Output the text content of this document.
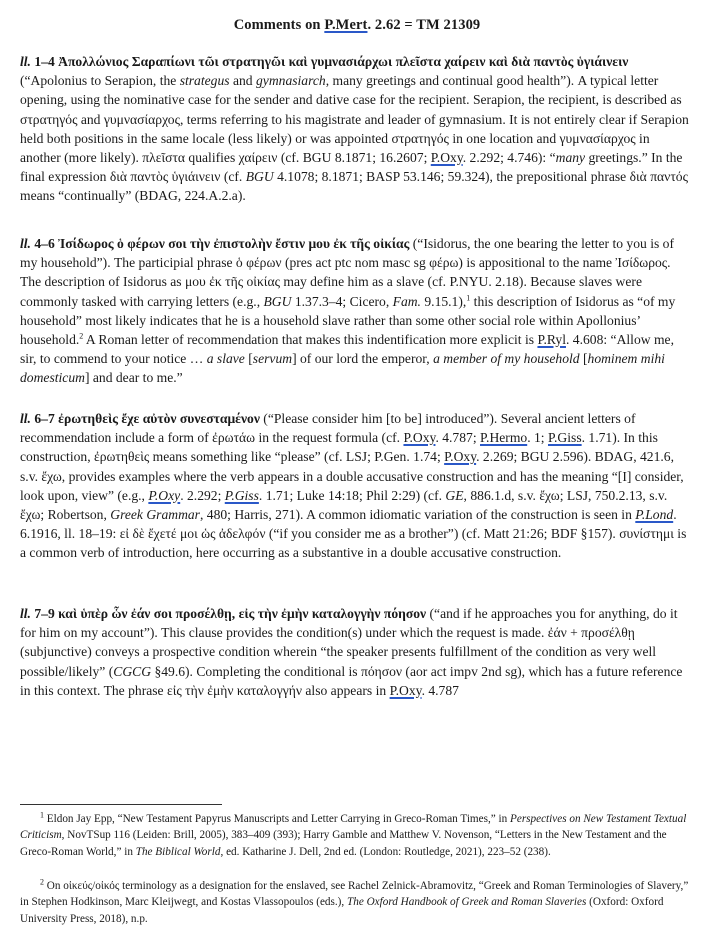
Comments on P.Mert. 2.62 = TM 21309

ll. 1–4 Ἀπολλώνιος Σαραπίωνι τῶι στρατηγῶι καὶ γυμνασιάρχωι πλεῖστα χαίρειν καὶ διὰ παντὸς ὑγιάινειν (“Apolonius to Serapion, the strategus and gymnasiarch, many greetings and continual good health”). A typical letter opening, using the nominative case for the sender and dative case for the recipient. Serapion, the recipient, is described as στρατηγός and γυμνασίαρχος, terms referring to his magistrate and leader of gymnasium. It is not entirely clear if Serapion held both positions in the same locale (less likely) or was appointed στρατηγός in one location and γυμνασίαρχος in another (more likely). πλεῖστα qualifies χαίρειν (cf. BGU 8.1871; 16.2607; P.Oxy. 2.292; 4.746): “many greetings.” In the final expression διὰ παντὸς ὑγιάινειν (cf. BGU 4.1078; 8.1871; BASP 53.146; 59.324), the prepositional phrase διὰ παντός means “continually” (BDAG, 224.A.2.a).

ll. 4–6 Ἰσίδωρος ὁ φέρων σοι τὴν ἐπιστολὴν ἔστιν μου ἐκ τῆς οἰκίας (“Isidorus, the one bearing the letter to you is of my household”). The participial phrase ὁ φέρων (pres act ptc nom masc sg φέρω) is appositional to the name Ἰσίδωρος. The description of Isidorus as μου ἐκ τῆς οἰκίας may define him as a slave (cf. P.NYU. 2.18). Because slaves were commonly tasked with carrying letters (e.g., BGU 1.37.3–4; Cicero, Fam. 9.15.1),$^1$ this description of Isidorus as “of my household” most likely indicates that he is a household slave rather than some other social role within Apollonius’ household.$^2$ A Roman letter of recommendation that makes this indentification more explicit is P.Ryl. 4.608: “Allow me, sir, to commend to your notice … a slave [servum] of our lord the emperor, a member of my household [hominem mihi domesticum] and dear to me.”

ll. 6–7 ἐρωτηθεὶς ἔχε αὐτὸν συνεσταμένον (“Please consider him [to be] introduced”). Several ancient letters of recommendation include a form of ἐρωτάω in the request formula (cf. P.Oxy. 4.787; P.Hermo. 1; P.Giss. 1.71). In this construction, ἐρωτηθεὶς means something like “please” (cf. LSJ; P.Gen. 1.74; P.Oxy. 2.269; BGU 2.596). BDAG, 421.6, s.v. ἔχω, provides examples where the verb appears in a double accusative construction and has the meaning “[I] consider, look upon, view” (e.g., P.Oxy. 2.292; P.Giss. 1.71; Luke 14:18; Phil 2:29) (cf. GE, 886.1.d, s.v. ἔχω; LSJ, 750.2.13, s.v. ἔχω; Robertson, Greek Grammar, 480; Harris, 271). A common idiomatic variation of the construction is seen in P.Lond. 6.1916, ll. 18–19: εἰ δὲ ἔχετέ μοι ὡς ἀδελφόν (“if you consider me as a brother”) (cf. Matt 21:26; BDF §157). συνίστημι is a common verb of introduction, here occurring as a substantive in a double accusative construction.

ll. 7–9 καὶ ὑπὲρ ὧν ἐάν σοι προσέλθῃ, εἰς τὴν ἐμὴν καταλογγὴν πόησον (“and if he approaches you for anything, do it for him on my account”). This clause provides the condition(s) under which the request is made. ἐάν + προσέλθῃ (subjunctive) conveys a prospective condition wherein “the speaker presents fulfillment of the condition as very well possible/likely” (CGCG §49.6). Completing the conditional is πόησον (aor act impv 2nd sg), which has a future reference in this context. The phrase εἰς τὴν ἐμὴν καταλογγήν also appears in P.Oxy. 4.787

$^1$ Eldon Jay Epp, “New Testament Papyrus Manuscripts and Letter Carrying in Greco-Roman Times,” in Perspectives on New Testament Textual Criticism, NovTSup 116 (Leiden: Brill, 2005), 383–409 (393); Harry Gamble and Matthew V. Novenson, “Letters in the New Testament and the Greco-Roman World,” in The Biblical World, ed. Katharine J. Dell, 2nd ed. (London: Routledge, 2021), 223–52 (238).

$^2$ On οἰκεύς/οἰκός terminology as a designation for the enslaved, see Rachel Zelnick-Abramovitz, “Greek and Roman Terminologies of Slavery,” in Stephen Hodkinson, Marc Kleijwegt, and Kostas Vlassopoulos (eds.), The Oxford Handbook of Greek and Roman Slaveries (Oxford: Oxford University Press, 2018), n.p.
